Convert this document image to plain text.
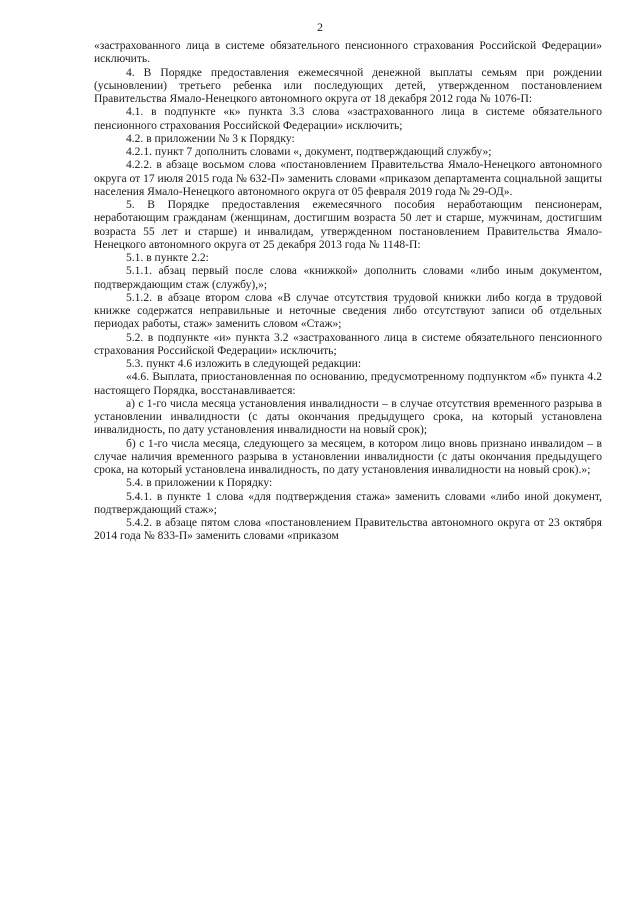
2

«застрахованного лица в системе обязательного пенсионного страхования Российской Федерации» исключить.

4. В Порядке предоставления ежемесячной денежной выплаты семьям при рождении (усыновлении) третьего ребенка или последующих детей, утвержденном постановлением Правительства Ямало-Ненецкого автономного округа от 18 декабря 2012 года № 1076-П:

4.1. в подпункте «к» пункта 3.3 слова «застрахованного лица в системе обязательного пенсионного страхования Российской Федерации» исключить;

4.2. в приложении № 3 к Порядку:

4.2.1. пункт 7 дополнить словами «, документ, подтверждающий службу»;

4.2.2. в абзаце восьмом слова «постановлением Правительства Ямало-Ненецкого автономного округа от 17 июля 2015 года № 632-П» заменить словами «приказом департамента социальной защиты населения Ямало-Ненецкого автономного округа от 05 февраля 2019 года № 29-ОД».

5. В Порядке предоставления ежемесячного пособия неработающим пенсионерам, неработающим гражданам (женщинам, достигшим возраста 50 лет и старше, мужчинам, достигшим возраста 55 лет и старше) и инвалидам, утвержденном постановлением Правительства Ямало-Ненецкого автономного округа от 25 декабря 2013 года № 1148-П:

5.1. в пункте 2.2:

5.1.1. абзац первый после слова «книжкой» дополнить словами «либо иным документом, подтверждающим стаж (службу),»;

5.1.2. в абзаце втором слова «В случае отсутствия трудовой книжки либо когда в трудовой книжке содержатся неправильные и неточные сведения либо отсутствуют записи об отдельных периодах работы, стаж» заменить словом «Стаж»;

5.2. в подпункте «и» пункта 3.2 «застрахованного лица в системе обязательного пенсионного страхования Российской Федерации» исключить;

5.3. пункт 4.6 изложить в следующей редакции:

«4.6. Выплата, приостановленная по основанию, предусмотренному подпунктом «б» пункта 4.2 настоящего Порядка, восстанавливается:

а) с 1-го числа месяца установления инвалидности – в случае отсутствия временного разрыва в установлении инвалидности (с даты окончания предыдущего срока, на который установлена инвалидность, по дату установления инвалидности на новый срок);

б) с 1-го числа месяца, следующего за месяцем, в котором лицо вновь признано инвалидом – в случае наличия временного разрыва в установлении инвалидности (с даты окончания предыдущего срока, на который установлена инвалидность, по дату установления инвалидности на новый срок).»;

5.4. в приложении к Порядку:

5.4.1. в пункте 1 слова «для подтверждения стажа» заменить словами «либо иной документ, подтверждающий стаж»;

5.4.2. в абзаце пятом слова «постановлением Правительства автономного округа от 23 октября 2014 года № 833-П» заменить словами «приказом
